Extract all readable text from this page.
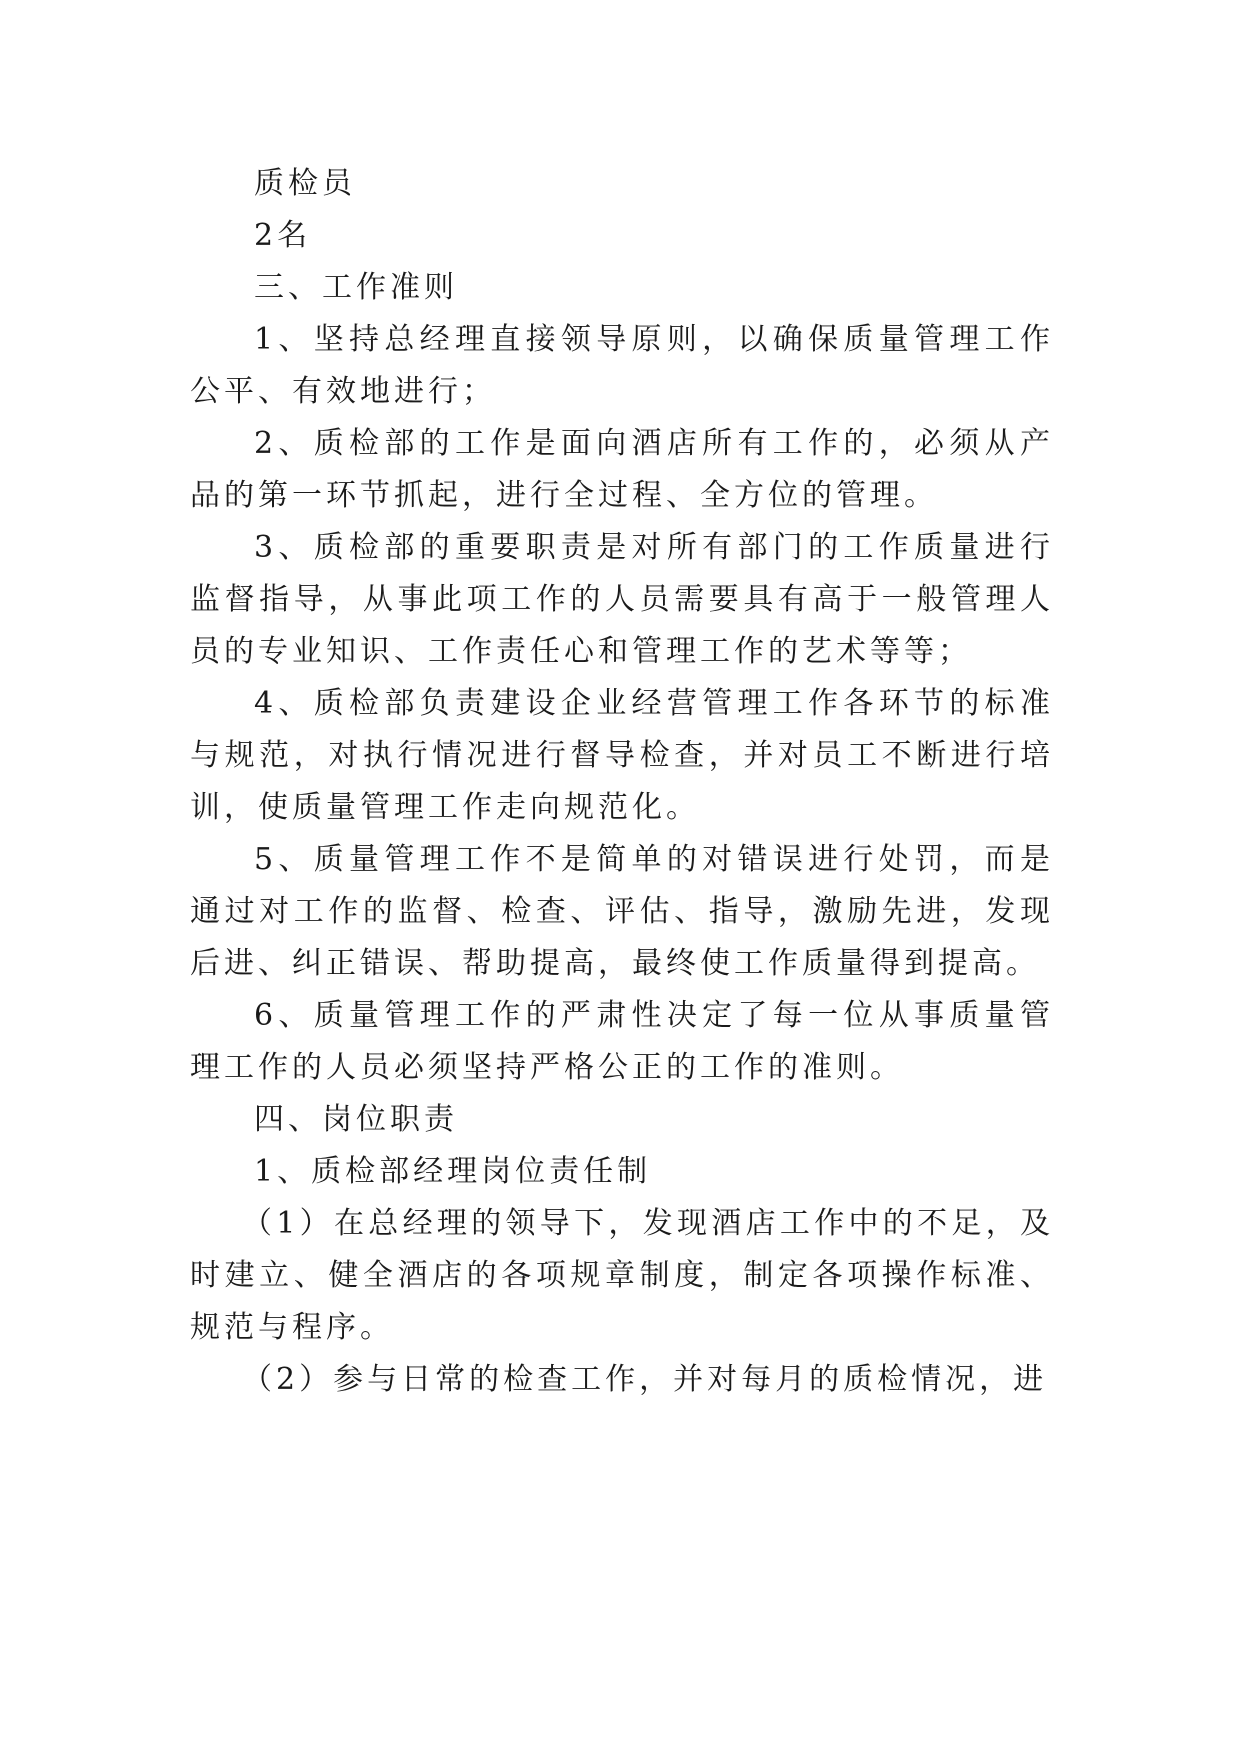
质检员

2名

三、工作准则

1、坚持总经理直接领导原则，以确保质量管理工作公平、有效地进行；

2、质检部的工作是面向酒店所有工作的，必须从产品的第一环节抓起，进行全过程、全方位的管理。

3、质检部的重要职责是对所有部门的工作质量进行监督指导，从事此项工作的人员需要具有高于一般管理人员的专业知识、工作责任心和管理工作的艺术等等；

4、质检部负责建设企业经营管理工作各环节的标准与规范，对执行情况进行督导检查，并对员工不断进行培训，使质量管理工作走向规范化。

5、质量管理工作不是简单的对错误进行处罚，而是通过对工作的监督、检查、评估、指导，激励先进，发现后进、纠正错误、帮助提高，最终使工作质量得到提高。

6、质量管理工作的严肃性决定了每一位从事质量管理工作的人员必须坚持严格公正的工作的准则。

四、岗位职责

1、质检部经理岗位责任制

（1）在总经理的领导下，发现酒店工作中的不足，及时建立、健全酒店的各项规章制度，制定各项操作标准、规范与程序。

（2）参与日常的检查工作，并对每月的质检情况，进
